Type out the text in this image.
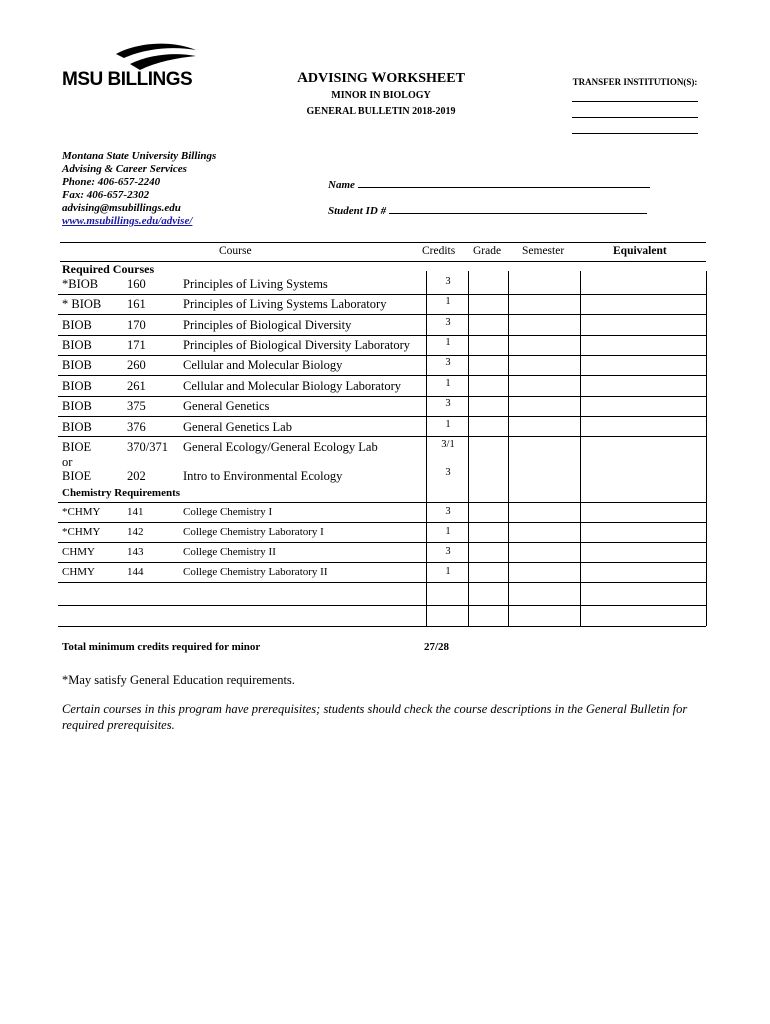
MSU BILLINGS	ADVISING WORKSHEET
MINOR IN BIOLOGY
GENERAL BULLETIN 2018-2019
TRANSFER INSTITUTION(S):
Montana State University Billings
Advising & Career Services
Phone: 406-657-2240
Fax: 406-657-2302
advising@msubillings.edu
www.msubillings.edu/advise/
Name
Student ID #
Course	Credits Grade Semester	Equivalent
Required Courses
*BIOB 160	Principles of Living Systems	3
* BIOB 161	Principles of Living Systems Laboratory	1
BIOB	170	Principles of Biological Diversity	3
BIOB	171	Principles of Biological Diversity Laboratory	1
BIOB	260	Cellular and Molecular Biology	3
BIOB	261	Cellular and Molecular Biology Laboratory	1
BIOB	375	General Genetics	3
BIOB	376	General Genetics Lab	1
BIOE	370/371 General Ecology/General Ecology Lab	3/1
or
BIOE	202	Intro to Environmental Ecology	3
Chemistry Requirements
*CHMY 141	College Chemistry I	3
*CHMY 142	College Chemistry Laboratory I	1
CHMY	143	College Chemistry II	3
CHMY	144	College Chemistry Laboratory II	1
Total minimum credits required for minor	27/28
*May satisfy General Education requirements.
Certain courses in this program have prerequisites; students should check the course descriptions in the General Bulletin for required prerequisites.
